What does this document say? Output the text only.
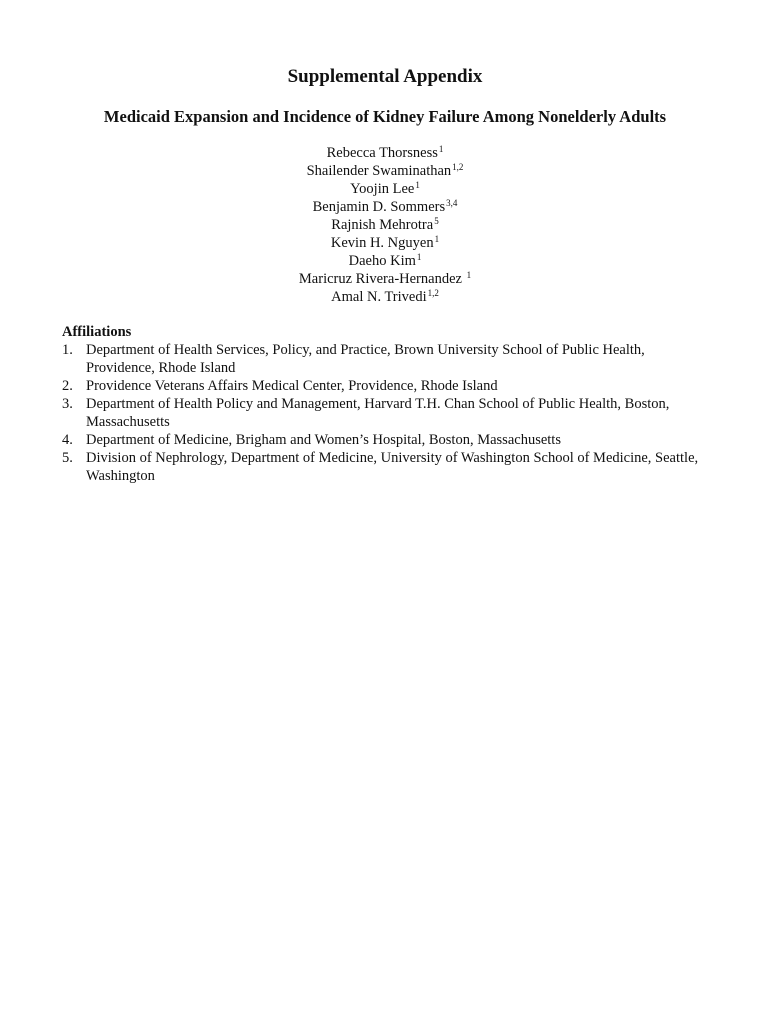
Supplemental Appendix
Medicaid Expansion and Incidence of Kidney Failure Among Nonelderly Adults
Rebecca Thorsness$^1$
Shailender Swaminathan$^{1,2}$
Yoojin Lee$^1$
Benjamin D. Sommers$^{3,4}$
Rajnish Mehrotra$^5$
Kevin H. Nguyen$^1$
Daeho Kim$^1$
Maricruz Rivera-Hernandez $^1$
Amal N. Trivedi$^{1,2}$
Affiliations
1. Department of Health Services, Policy, and Practice, Brown University School of Public Health, Providence, Rhode Island
2. Providence Veterans Affairs Medical Center, Providence, Rhode Island
3. Department of Health Policy and Management, Harvard T.H. Chan School of Public Health, Boston, Massachusetts
4. Department of Medicine, Brigham and Women’s Hospital, Boston, Massachusetts
5. Division of Nephrology, Department of Medicine, University of Washington School of Medicine, Seattle, Washington
